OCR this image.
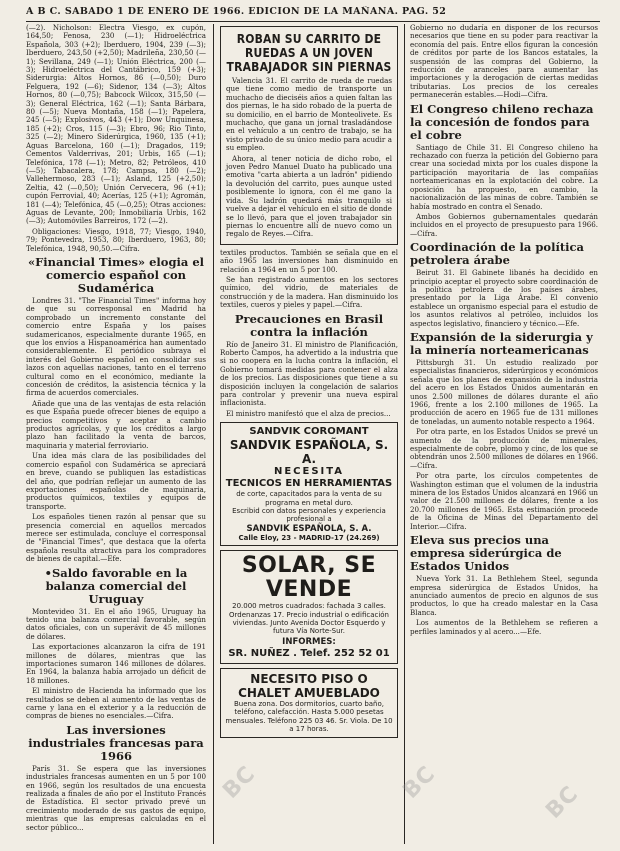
A B C. SABADO 1 DE ENERO DE 1966. EDICION DE LA MAÑANA. PAG. 52

(—2). Nicholson: Electra Viesgo, ex cupón, 164,50; Fenosa, 230 (—1); Hidroeléctrica Española, 303 (+2); Iberduero, 1904, 239 (—3); Iberduero, 243,50 (+2,50); Madrileña, 230,50 (—1); Sevillana, 249 (—1); Unión Eléctrica, 200 (—3); Hidroeléctrica del Cantábrico, 159 (+3); Siderurgia: Altos Hornos, 86 (—0,50); Duro Felguera, 192 (—6); Sidenor, 134 (—3); Altos Hornos, 80 (—0,75); Babcock Wilcox, 315,50 (—3); General Eléctrica, 162 (—1); Santa Bárbara, 80 (—5); Nueva Montaña, 158 (—1); Papelera, 245 (—5); Explosivos, 443 (+1); Dow Unquinesa, 185 (+2); Cros, 115 (—3); Ebro, 96; Rio Tinto, 325 (—2); Minero Siderúrgica, 1960, 135 (+1); Aguas Barcelona, 160 (—1); Dragados, 119; Cementos Valderrivas, 201; Urbis, 165 (—1); Telefónica, 178 (—1); Metro, 82; Petróleos, 410 (—5); Tabacalera, 178; Campsa, 180 (—2); Vallehermoso, 283 (—1); Asland, 125 (+2,50); Zeltia, 42 (—0,50); Unión Cervecera, 96 (+1); cupón Ferrovial, 40; Acerías, 125 (+1); Agromán, 181 (—4); Telefónica, 45 (—0,25); Otras acciones: Aguas de Levante, 200; Inmobiliaria Urbis, 162 (—3); Automóviles Barreiros, 172 (—2).

Obligaciones: Viesgo, 1918, 77; Viesgo, 1940, 79; Pontevedra, 1953, 80; Iberduero, 1963, 80; Telefónica, 1948, 90,50.—Cifra.

«Financial Times» elogia el comercio español con Sudamérica

Londres 31. "The Financial Times" informa hoy de que su corresponsal en Madrid ha comprobado un incremento constante del comercio entre España y los países sudamericanos, especialmente durante 1965, en que los envíos a Hispanoamérica han aumentado considerablemente. El periódico subraya el interés del Gobierno español en consolidar sus lazos con aquellas naciones, tanto en el terreno cultural como en el económico, mediante la concesión de créditos, la asistencia técnica y la firma de acuerdos comerciales.

Añade que una de las ventajas de esta relación es que España puede ofrecer bienes de equipo a precios competitivos y aceptar a cambio productos agrícolas, y que los créditos a largo plazo han facilitado la venta de barcos, maquinaria y material ferroviario.

Una idea más clara de las posibilidades del comercio español con Sudamérica se apreciará en breve, cuando se publiquen las estadísticas del año, que podrían reflejar un aumento de las exportaciones españolas de maquinaria, productos químicos, textiles y equipos de transporte.

Los españoles tienen razón al pensar que su presencia comercial en aquellos mercados merece ser estimulada, concluye el corresponsal de "Financial Times", que destaca que la oferta española resulta atractiva para los compradores de bienes de capital.—Efe.

• Saldo favorable en la balanza comercial del Uruguay

Montevideo 31. En el año 1965, Uruguay ha tenido una balanza comercial favorable, según datos oficiales, con un superávit de 45 millones de dólares.

Las exportaciones alcanzaron la cifra de 191 millones de dólares, mientras que las importaciones sumaron 146 millones de dólares. En 1964, la balanza había arrojado un déficit de 18 millones.

El ministro de Hacienda ha informado que los resultados se deben al aumento de las ventas de carne y lana en el exterior y a la reducción de compras de bienes no esenciales.—Cifra.

Las inversiones industriales francesas para 1966

París 31. Se espera que las inversiones industriales francesas aumenten en un 5 por 100 en 1966, según los resultados de una encuesta realizada a finales de año por el Instituto Francés de Estadística. El sector privado prevé un crecimiento moderado de sus gastos de equipo, mientras que las empresas calculadas en el sector público...

ROBAN SU CARRITO DE RUEDAS A UN JOVEN TRABAJADOR SIN PIERNAS

Valencia 31. El carrito de rueda de ruedas que tiene como medio de transporte un muchacho de dieciséis años a quien faltan las dos piernas, le ha sido robado de la puerta de su domicilio, en el barrio de Monteolivete. Es muchacho, que gana un jornal trasladándose en el vehículo a un centro de trabajo, se ha visto privado de su único medio para acudir a su empleo.

Ahora, al tener noticia de dicho robo, el joven Pedro Manuel Duato ha publicado una emotiva "carta abierta a un ladrón" pidiendo la devolución del carrito, pues aunque usted posiblemente lo ignora, con él me gano la vida. Su ladrón quedará más tranquilo si vuelve a dejar el vehículo en el sitio de donde se lo llevó, para que el joven trabajador sin piernas lo encuentre allí de nuevo como un regalo de Reyes.—Cifra.

textiles productos. También se señala que en el año 1965 las inversiones han disminuido en relación a 1964 en un 5 por 100.

Se han registrado aumentos en los sectores químico, del vidrio, de materiales de construcción y de la madera. Han disminuido los textiles, cueros y pieles y papel.—Cifra.

Precauciones en Brasil contra la inflación

Río de Janeiro 31. El ministro de Planificación, Roberto Campos, ha advertido a la industria que si no coopera en la lucha contra la inflación, el Gobierno tomará medidas para contener el alza de los precios. Las disposiciones que tiene a su disposición incluyen la congelación de salarios para controlar y prevenir una nueva espiral inflacionista.

El ministro manifestó que el alza de precios...

SANDVIK COROMANT
SANDVIK ESPAÑOLA, S. A.
NECESITA
TECNICOS EN HERRAMIENTAS
de corte, capacitados para la venta de su programa en metal duro.
Escribid con datos personales y experiencia profesional a
SANDVIK ESPAÑOLA, S. A.
Calle Eloy, 23 - MADRID-17 (24.269)
SOLAR, SE VENDE
20.000 metros cuadrados: fachada 3 calles. Ordenanzas 17. Precio industrial o edificación viviendas. Junto Avenida Doctor Esquerdo y futura Vía Norte-Sur.
INFORMES:
SR. NUÑEZ . Telef. 252 52 01
NECESITO PISO O CHALET AMUEBLADO
Buena zona. Dos dormitorios, cuarto baño, teléfono, calefacción. Hasta 5.000 pesetas mensuales. Teléfono 225 03 46. Sr. Viola. De 10 a 17 horas.

Gobierno no dudaría en disponer de los recursos necesarios que tiene en su poder para reactivar la economía del país. Entre ellos figuran la concesión de créditos por parte de los Bancos estatales, la suspensión de las compras del Gobierno, la reducción de aranceles para aumentar las importaciones y la derogación de ciertas medidas tributarias. Los precios de los cereales permanecerán estables.—Hodi—Cifra.

El Congreso chileno rechaza la concesión de fondos para el cobre

Santiago de Chile 31. El Congreso chileno ha rechazado con fuerza la petición del Gobierno para crear una sociedad mixta por los cuales dispone la participación mayoritaria de las compañías norteamericanas en la explotación del cobre. La oposición ha propuesto, en cambio, la nacionalización de las minas de cobre. También se había mostrado en contra el Senado.

Ambos Gobiernos gubernamentales quedarán incluidos en el proyecto de presupuesto para 1966.—Cifra.

Coordinación de la política petrolera árabe

Beirut 31. El Gabinete libanés ha decidido en principio aceptar el proyecto sobre coordinación de la política petrolera de los países árabes, presentado por la Liga Árabe. El convenio establece un organismo especial para el estudio de los asuntos relativos al petróleo, incluidos los aspectos legislativo, financiero y técnico.—Efe.

Expansión de la siderurgia y la minería norteamericanas

Pittsburgh 31. Un estudio realizado por especialistas financieros, siderúrgicos y económicos señala que los planes de expansión de la industria del acero en los Estados Unidos aumentarán en unos 2.500 millones de dólares durante el año 1966, frente a los 2.100 millones de 1965. La producción de acero en 1965 fue de 131 millones de toneladas, un aumento notable respecto a 1964.

Por otra parte, en los Estados Unidos se prevé un aumento de la producción de minerales, especialmente de cobre, plomo y cinc, de los que se obtendrán unos 2.500 millones de dólares en 1966.—Cifra.

Por otra parte, los círculos competentes de Washington estiman que el volumen de la industria minera de los Estados Unidos alcanzará en 1966 un valor de 21.500 millones de dólares, frente a los 20.700 millones de 1965. Esta estimación procede de la Oficina de Minas del Departamento del Interior.—Cifra.

Eleva sus precios una empresa siderúrgica de Estados Unidos

Nueva York 31. La Bethlehem Steel, segunda empresa siderúrgica de Estados Unidos, ha anunciado aumentos de precio en algunos de sus productos, lo que ha creado malestar en la Casa Blanca.

Los aumentos de la Bethlehem se refieren a perfiles laminados y al acero...—Efe.

BC	BC	BC
